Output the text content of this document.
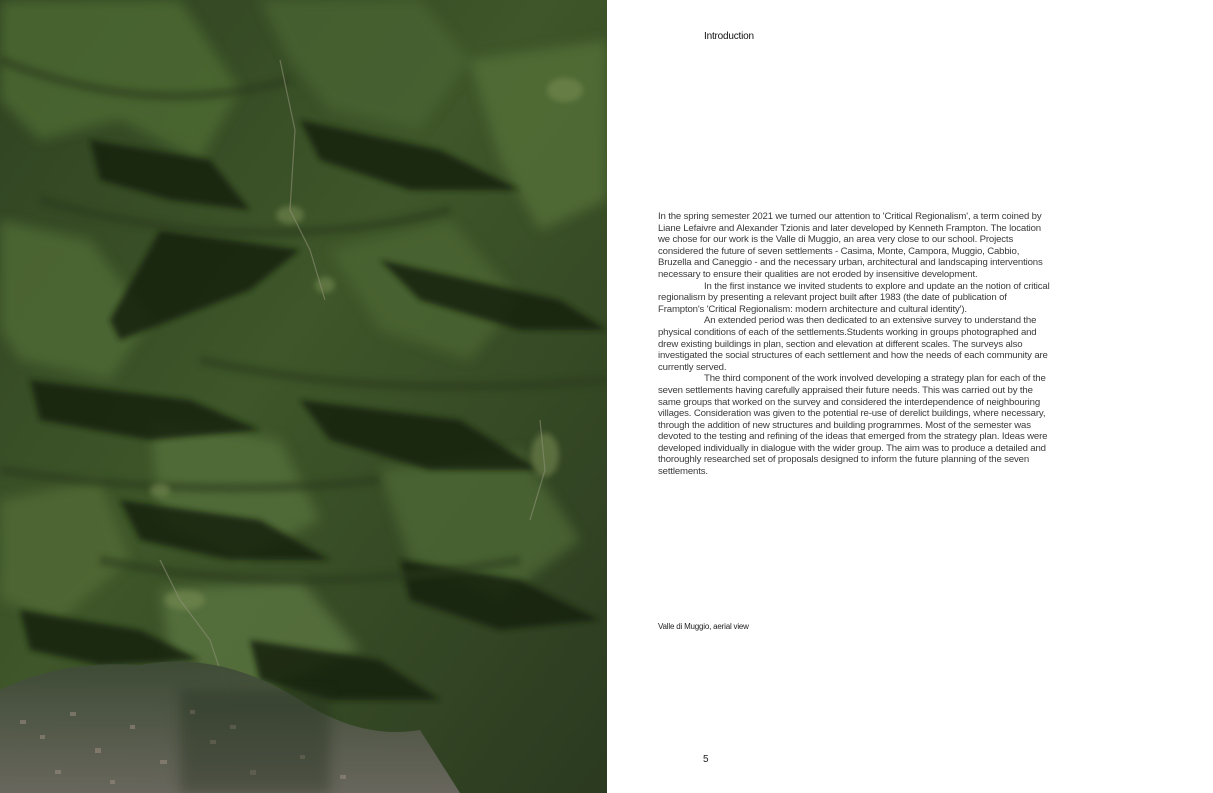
Introduction

In the spring semester 2021 we turned our attention to 'Critical Regionalism', a term coined by Liane Lefaivre and Alexander Tzionis and later developed by Kenneth Frampton. The location we chose for our work is the Valle di Muggio, an area very close to our school. Projects considered the future of seven settlements - Casima, Monte, Campora, Muggio, Cabbio, Bruzella and Caneggio - and the necessary urban, architectural and landscaping interventions necessary to ensure their qualities are not eroded by insensitive development.

In the first instance we invited students to explore and update an the notion of critical regionalism by presenting a relevant project built after 1983 (the date of publication of Frampton's 'Critical Regionalism: modern architecture and cultural identity').

An extended period was then dedicated to an extensive survey to understand the physical conditions of each of the settlements.Students working in groups photographed and drew existing buildings in plan, section and elevation at different scales. The surveys also investigated the social structures of each settlement and how the needs of each community are currently served.

The third component of the work involved developing a strategy plan for each of the seven settlements having carefully appraised their future needs. This was carried out by the same groups that worked on the survey and considered the interdependence of neighbouring villages. Consideration was given to the potential re-use of derelict buildings, where necessary, through the addition of new structures and building programmes. Most of the semester was devoted to the testing and refining of the ideas that emerged from the strategy plan. Ideas were developed individually in dialogue with the wider group. The aim was to produce a detailed and thoroughly researched set of proposals designed to inform the future planning of the seven settlements.

Valle di Muggio, aerial view
5
